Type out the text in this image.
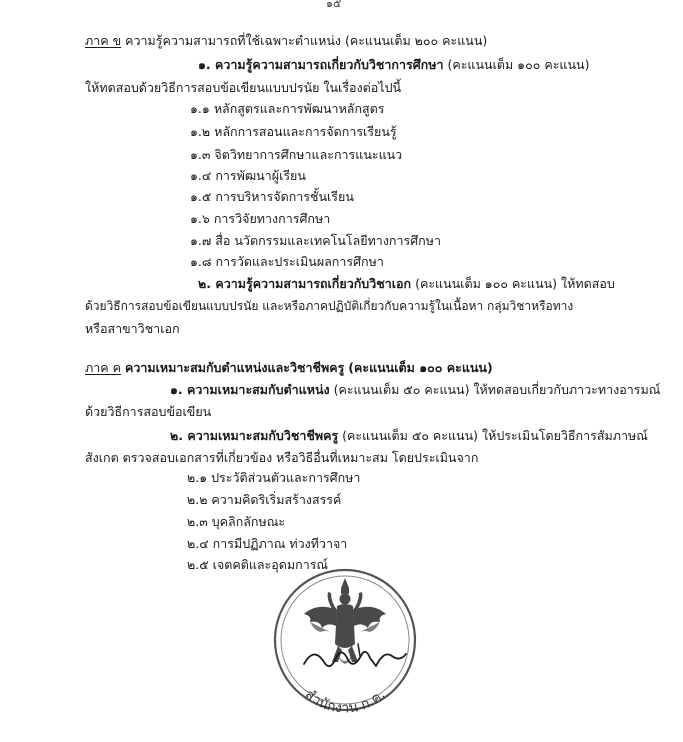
๑๕
ภาค ข ความรู้ความสามารถที่ใช้เฉพาะตำแหน่ง (คะแนนเต็ม ๒๐๐ คะแนน)
๑. ความรู้ความสามารถเกี่ยวกับวิชาการศึกษา (คะแนนเต็ม ๑๐๐ คะแนน)
ให้ทดสอบด้วยวิธีการสอบข้อเขียนแบบปรนัย ในเรื่องต่อไปนี้
๑.๑ หลักสูตรและการพัฒนาหลักสูตร
๑.๒ หลักการสอนและการจัดการเรียนรู้
๑.๓ จิตวิทยาการศึกษาและการแนะแนว
๑.๔ การพัฒนาผู้เรียน
๑.๕ การบริหารจัดการชั้นเรียน
๑.๖ การวิจัยทางการศึกษา
๑.๗ สื่อ นวัตกรรมและเทคโนโลยีทางการศึกษา
๑.๘ การวัดและประเมินผลการศึกษา
๒. ความรู้ความสามารถเกี่ยวกับวิชาเอก (คะแนนเต็ม ๑๐๐ คะแนน) ให้ทดสอบ
ด้วยวิธีการสอบข้อเขียนแบบปรนัย และหรือภาคปฏิบัติเกี่ยวกับความรู้ในเนื้อหา กลุ่มวิชาหรือทาง
หรือสาขาวิชาเอก
ภาค ค ความเหมาะสมกับตำแหน่งและวิชาชีพครู (คะแนนเต็ม ๑๐๐ คะแนน)
๑. ความเหมาะสมกับตำแหน่ง (คะแนนเต็ม ๕๐ คะแนน) ให้ทดสอบเกี่ยวกับภาวะทางอารมณ์
ด้วยวิธีการสอบข้อเขียน
๒. ความเหมาะสมกับวิชาชีพครู (คะแนนเต็ม ๕๐ คะแนน) ให้ประเมินโดยวิธีการสัมภาษณ์
สังเกต ตรวจสอบเอกสารที่เกี่ยวข้อง หรือวิธีอื่นที่เหมาะสม โดยประเมินจาก
๒.๑ ประวัติส่วนตัวและการศึกษา
๒.๒ ความคิดริเริ่มสร้างสรรค์
๒.๓ บุคลิกลักษณะ
๒.๔ การมีปฏิภาณ ท่วงทีวาจา
๒.๕ เจตคติและอุดมการณ์
สำนักงาน ก.ค.
